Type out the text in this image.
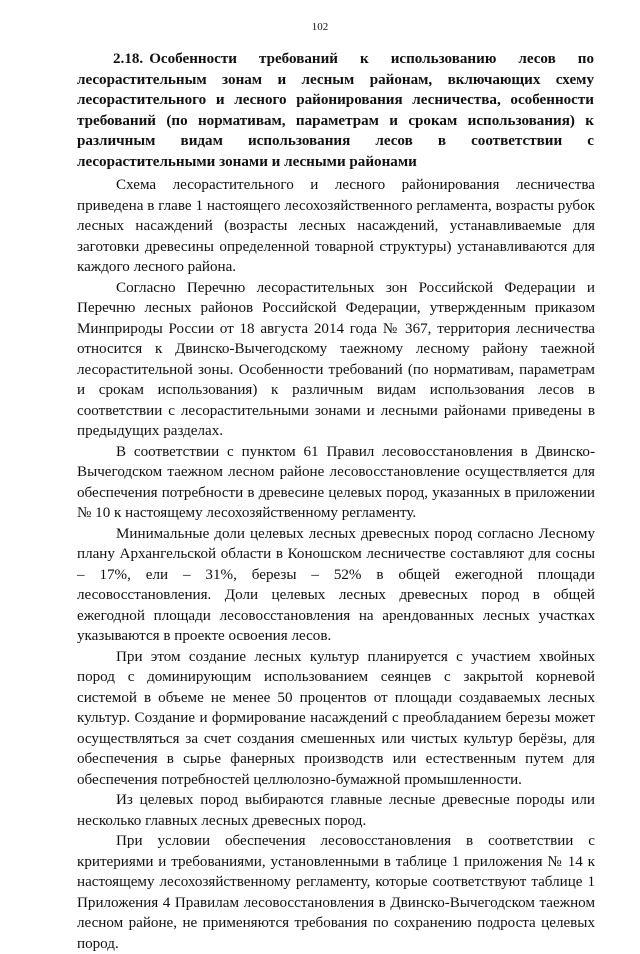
102

2.18. Особенности требований к использованию лесов по лесорастительным зонам и лесным районам, включающих схему лесорастительного и лесного районирования лесничества, особенности требований (по нормативам, параметрам и срокам использования) к различным видам использования лесов в соответствии с лесорастительными зонами и лесными районами

Схема лесорастительного и лесного районирования лесничества приведена в главе 1 настоящего лесохозяйственного регламента, возрасты рубок лесных насаждений (возрасты лесных насаждений, устанавливаемые для заготовки древесины определенной товарной структуры) устанавливаются для каждого лесного района.

Согласно Перечню лесорастительных зон Российской Федерации и Перечню лесных районов Российской Федерации, утвержденным приказом Минприроды России от 18 августа 2014 года № 367, территория лесничества относится к Двинско-Вычегодскому таежному лесному району таежной лесорастительной зоны. Особенности требований (по нормативам, параметрам и срокам использования) к различным видам использования лесов в соответствии с лесорастительными зонами и лесными районами приведены в предыдущих разделах.

В соответствии с пунктом 61 Правил лесовосстановления в Двинско-Вычегодском таежном лесном районе лесовосстановление осуществляется для обеспечения потребности в древесине целевых пород, указанных в приложении № 10 к настоящему лесохозяйственному регламенту.

Минимальные доли целевых лесных древесных пород согласно Лесному плану Архангельской области в Коношском лесничестве составляют для сосны – 17%, ели – 31%, березы – 52% в общей ежегодной площади лесовосстановления. Доли целевых лесных древесных пород в общей ежегодной площади лесовосстановления на арендованных лесных участках указываются в проекте освоения лесов.

При этом создание лесных культур планируется с участием хвойных пород с доминирующим использованием сеянцев с закрытой корневой системой в объеме не менее 50 процентов от площади создаваемых лесных культур. Создание и формирование насаждений с преобладанием березы может осуществляться за счет создания смешенных или чистых культур берёзы, для обеспечения в сырье фанерных производств или естественным путем для обеспечения потребностей целлюлозно-бумажной промышленности.

Из целевых пород выбираются главные лесные древесные породы или несколько главных лесных древесных пород.

При условии обеспечения лесовосстановления в соответствии с критериями и требованиями, установленными в таблице 1 приложения № 14 к настоящему лесохозяйственному регламенту, которые соответствуют таблице 1 Приложения 4 Правилам лесовосстановления в Двинско-Вычегодском таежном лесном районе, не применяются требования по сохранению подроста целевых пород.
